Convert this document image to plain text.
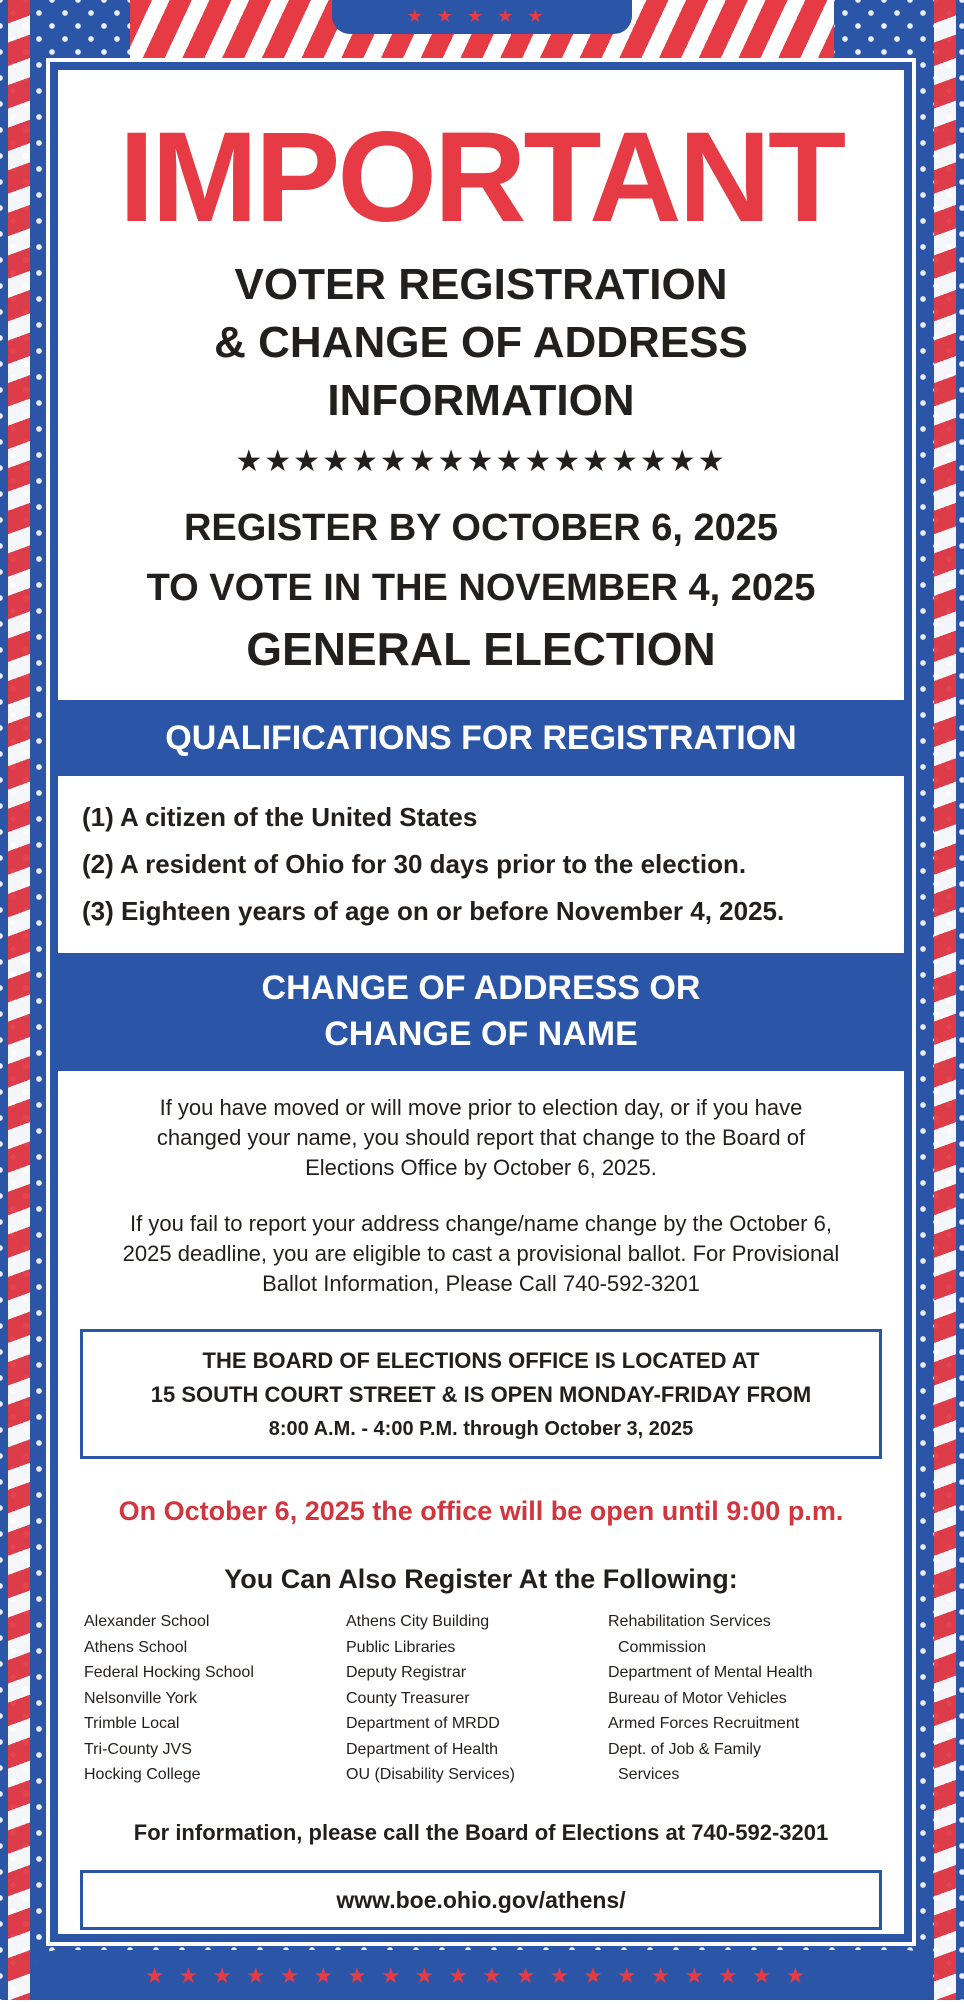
★★★★★
★★★★★★★★★★★★★★★★★★★★
IMPORTANT
VOTER REGISTRATION
& CHANGE OF ADDRESS
INFORMATION
★★★★★★★★★★★★★★★★★
REGISTER BY OCTOBER 6, 2025
TO VOTE IN THE NOVEMBER 4, 2025
GENERAL ELECTION
QUALIFICATIONS FOR REGISTRATION
(1) A citizen of the United States
(2) A resident of Ohio for 30 days prior to the election.
(3) Eighteen years of age on or before November 4, 2025.
CHANGE OF ADDRESS OR
CHANGE OF NAME
If you have moved or will move prior to election day, or if you have changed your name, you should report that change to the Board of Elections Office by October 6, 2025.
If you fail to report your address change/name change by the October 6, 2025 deadline, you are eligible to cast a provisional ballot. For Provisional Ballot Information, Please Call 740-592-3201
THE BOARD OF ELECTIONS OFFICE IS LOCATED AT
15 SOUTH COURT STREET & IS OPEN MONDAY-FRIDAY FROM
8:00 A.M. - 4:00 P.M. through October 3, 2025
On October 6, 2025 the office will be open until 9:00 p.m.
You Can Also Register At the Following:
Alexander School
Athens School
Federal Hocking School
Nelsonville York
Trimble Local
Tri-County JVS
Hocking College
Athens City Building
Public Libraries
Deputy Registrar
County Treasurer
Department of MRDD
Department of Health
OU (Disability Services)
Rehabilitation Services
Commission
Department of Mental Health
Bureau of Motor Vehicles
Armed Forces Recruitment
Dept. of Job & Family
Services
For information, please call the Board of Elections at 740-592-3201
www.boe.ohio.gov/athens/
